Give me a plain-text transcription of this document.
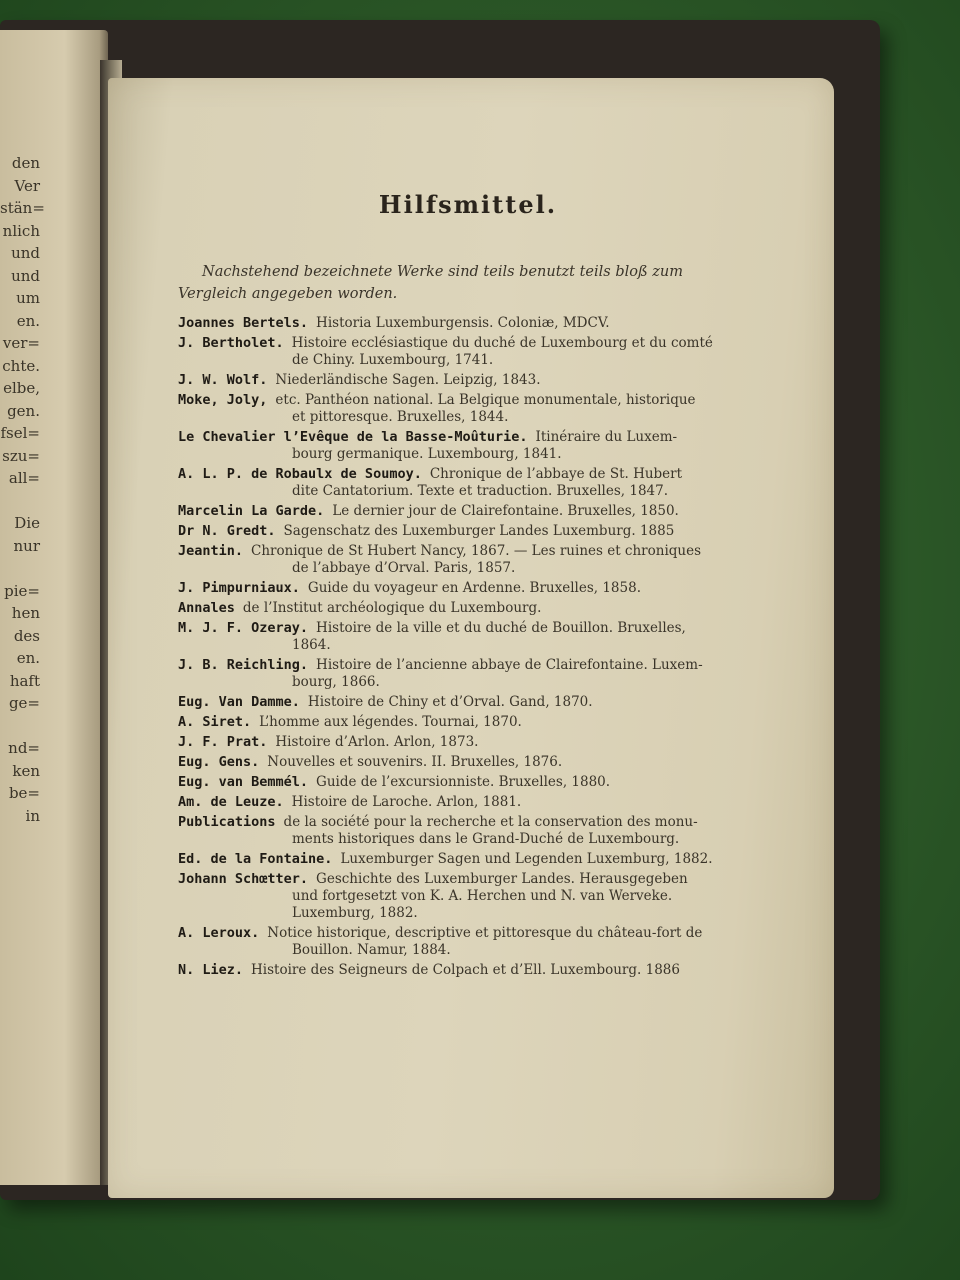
den
Ver
stän=
nlich
und
und
um
en.
ver=
chte.
elbe,
gen.
fsel=
szu=
all=
Die
nur
pie=
hen
des
en.
haft
ge=
nd=
ken
be=
in
Hilfsmittel.
Nachstehend bezeichnete Werke sind teils benutzt teils bloß zum Vergleich angegeben worden.
Joannes Bertels. Historia Luxemburgensis. Coloniæ, MDCV.
J. Bertholet. Histoire ecclésiastique du duché de Luxembourg et du comté
de Chiny. Luxembourg, 1741.
J. W. Wolf. Niederländische Sagen. Leipzig, 1843.
Moke, Joly, etc. Panthéon national. La Belgique monumentale, historique
et pittoresque. Bruxelles, 1844.
Le Chevalier l’Evêque de la Basse-Moûturie. Itinéraire du Luxem-
bourg germanique. Luxembourg, 1841.
A. L. P. de Robaulx de Soumoy. Chronique de l’abbaye de St. Hubert
dite Cantatorium. Texte et traduction. Bruxelles, 1847.
Marcelin La Garde. Le dernier jour de Clairefontaine. Bruxelles, 1850.
Dr N. Gredt. Sagenschatz des Luxemburger Landes Luxemburg. 1885
Jeantin. Chronique de St Hubert Nancy, 1867. — Les ruines et chroniques
de l’abbaye d’Orval. Paris, 1857.
J. Pimpurniaux. Guide du voyageur en Ardenne. Bruxelles, 1858.
Annales de l’Institut archéologique du Luxembourg.
M. J. F. Ozeray. Histoire de la ville et du duché de Bouillon. Bruxelles,
1864.
J. B. Reichling. Histoire de l’ancienne abbaye de Clairefontaine. Luxem-
bourg, 1866.
Eug. Van Damme. Histoire de Chiny et d’Orval. Gand, 1870.
A. Siret. L’homme aux légendes. Tournai, 1870.
J. F. Prat. Histoire d’Arlon. Arlon, 1873.
Eug. Gens. Nouvelles et souvenirs. II. Bruxelles, 1876.
Eug. van Bemmél. Guide de l’excursionniste. Bruxelles, 1880.
Am. de Leuze. Histoire de Laroche. Arlon, 1881.
Publications de la société pour la recherche et la conservation des monu-
ments historiques dans le Grand-Duché de Luxembourg.
Ed. de la Fontaine. Luxemburger Sagen und Legenden Luxemburg, 1882.
Johann Schœtter. Geschichte des Luxemburger Landes. Herausgegeben
und fortgesetzt von K. A. Herchen und N. van Werveke. Luxemburg, 1882.
A. Leroux. Notice historique, descriptive et pittoresque du château-fort de
Bouillon. Namur, 1884.
N. Liez. Histoire des Seigneurs de Colpach et d’Ell. Luxembourg. 1886
